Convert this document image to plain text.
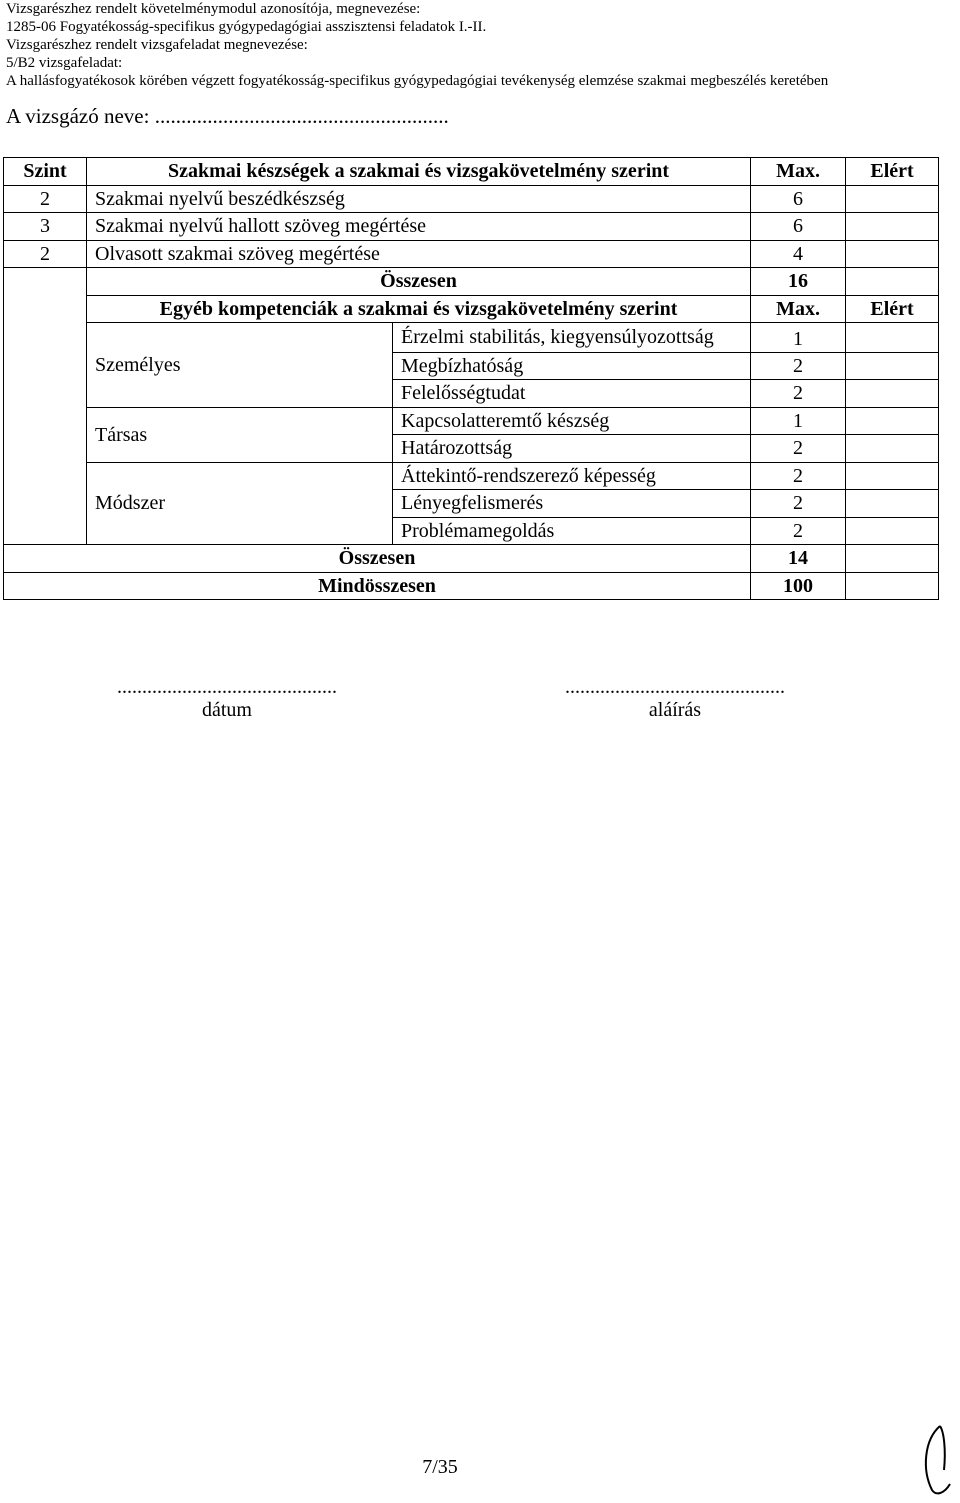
Vizsgarészhez rendelt követelménymodul azonosítója, megnevezése:
1285-06 Fogyatékosság-specifikus gyógypedagógiai asszisztensi feladatok I.-II.
Vizsgarészhez rendelt vizsgafeladat megnevezése:
5/B2 vizsgafeladat:
A hallásfogyatékosok körében végzett fogyatékosság-specifikus gyógypedagógiai tevékenység elemzése szakmai megbeszélés keretében
A vizsgázó neve: ........................................................
Szint	Szakmai készségek a szakmai és vizsgakövetelmény szerint		Max.	Elért
2	Szakmai nyelvű beszédkészség		6	
3	Szakmai nyelvű hallott szöveg megértése		6	
2	Olvasott szakmai szöveg megértése		4	
	Összesen		16	
	Egyéb kompetenciák a szakmai és vizsgakövetelmény szerint		Max.	Elért
	Személyes	Érzelmi stabilitás, kiegyensúlyozottság	1	

		Megbízhatóság	2	
		Felelősségtudat	2	
	Társas	Kapcsolatteremtő készség	1	
		Határozottság	2	
	Módszer	Áttekintő-rendszerező képesség	2	
		Lényegfelismerés	2	
		Problémamegoldás	2	
Összesen			14	
Mindösszesen			100	
............................................
dátum
............................................
aláírás
7/35
